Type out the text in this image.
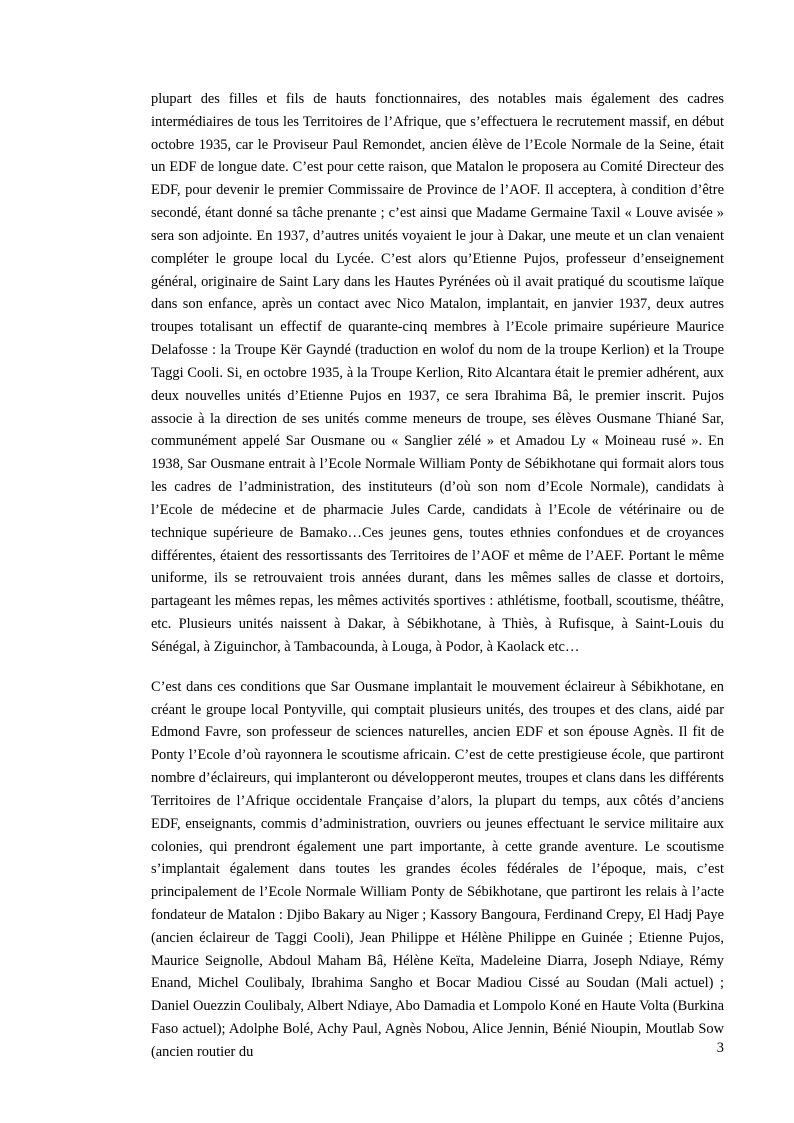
plupart des filles et fils de hauts fonctionnaires, des notables mais également des cadres intermédiaires de tous les Territoires de l’Afrique, que s’effectuera le recrutement massif, en début octobre 1935, car le Proviseur Paul Remondet, ancien élève de l’Ecole Normale de la Seine, était un EDF de longue date. C’est pour cette raison, que Matalon le proposera au Comité Directeur des EDF, pour devenir le premier Commissaire de Province de l’AOF. Il acceptera, à condition d’être secondé, étant donné sa tâche prenante ; c’est ainsi que Madame Germaine Taxil « Louve avisée » sera son adjointe. En 1937, d’autres unités voyaient le jour à Dakar, une meute et un clan venaient compléter le groupe local du Lycée. C’est alors qu’Etienne Pujos, professeur d’enseignement général, originaire de Saint Lary dans les Hautes Pyrénées où il avait pratiqué du scoutisme laïque dans son enfance, après un contact avec Nico Matalon, implantait, en janvier 1937, deux autres troupes totalisant un effectif de quarante-cinq membres à l’Ecole primaire supérieure Maurice Delafosse : la Troupe Kër Gayndé (traduction en wolof du nom de la troupe Kerlion) et la Troupe Taggi Cooli. Si, en octobre 1935, à la Troupe Kerlion, Rito Alcantara était le premier adhérent, aux deux nouvelles unités d’Etienne Pujos en 1937, ce sera Ibrahima Bâ, le premier inscrit. Pujos associe à la direction de ses unités comme meneurs de troupe, ses élèves Ousmane Thiané Sar, communément appelé Sar Ousmane ou « Sanglier zélé » et Amadou Ly « Moineau rusé ». En 1938, Sar Ousmane entrait à l’Ecole Normale William Ponty de Sébikhotane qui formait alors tous les cadres de l’administration, des instituteurs (d’où son nom d’Ecole Normale), candidats à l’Ecole de médecine et de pharmacie Jules Carde, candidats à l’Ecole de vétérinaire ou de technique supérieure de Bamako…Ces jeunes gens, toutes ethnies confondues et de croyances différentes, étaient des ressortissants des Territoires de l’AOF et même de l’AEF. Portant le même uniforme, ils se retrouvaient trois années durant, dans les mêmes salles de classe et dortoirs, partageant les mêmes repas, les mêmes activités sportives : athlétisme, football, scoutisme, théâtre, etc. Plusieurs unités naissent à Dakar, à Sébikhotane, à Thiès, à Rufisque, à Saint-Louis du Sénégal, à Ziguinchor, à Tambacounda, à Louga, à Podor, à Kaolack etc…

C’est dans ces conditions que Sar Ousmane implantait le mouvement éclaireur à Sébikhotane, en créant le groupe local Pontyville, qui comptait plusieurs unités, des troupes et des clans, aidé par Edmond Favre, son professeur de sciences naturelles, ancien EDF et son épouse Agnès. Il fit de Ponty l’Ecole d’où rayonnera le scoutisme africain. C’est de cette prestigieuse école, que partiront nombre d’éclaireurs, qui implanteront ou développeront meutes, troupes et clans dans les différents Territoires de l’Afrique occidentale Française d’alors, la plupart du temps, aux côtés d’anciens EDF, enseignants, commis d’administration, ouvriers ou jeunes effectuant le service militaire aux colonies, qui prendront également une part importante, à cette grande aventure. Le scoutisme s’implantait également dans toutes les grandes écoles fédérales de l’époque, mais, c’est principalement de l’Ecole Normale William Ponty de Sébikhotane, que partiront les relais à l’acte fondateur de Matalon : Djibo Bakary au Niger ; Kassory Bangoura, Ferdinand Crepy, El Hadj Paye (ancien éclaireur de Taggi Cooli), Jean Philippe et Hélène Philippe en Guinée ; Etienne Pujos, Maurice Seignolle, Abdoul Maham Bâ, Hélène Keïta, Madeleine Diarra, Joseph Ndiaye, Rémy Enand, Michel Coulibaly, Ibrahima Sangho et Bocar Madiou Cissé au Soudan (Mali actuel) ; Daniel Ouezzin Coulibaly, Albert Ndiaye, Abo Damadia et Lompolo Koné en Haute Volta (Burkina Faso actuel); Adolphe Bolé, Achy Paul, Agnès Nobou, Alice Jennin, Bénié Nioupin, Moutlab Sow (ancien routier du	3
